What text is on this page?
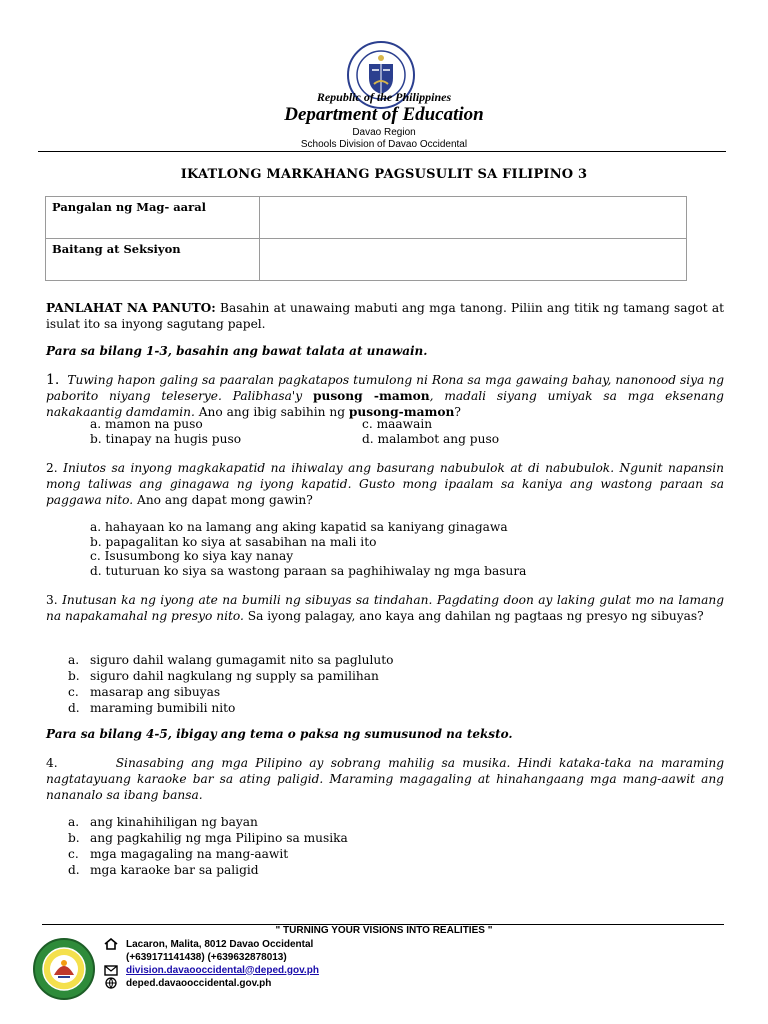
Republic of the Philippines
Department of Education
Davao Region
Schools Division of Davao Occidental
IKATLONG MARKAHANG PAGSUSULIT SA FILIPINO 3
Pangalan ng Mag- aaral	
Baitang at Seksiyon	
PANLAHAT NA PANUTO: Basahin at unawaing mabuti ang mga tanong. Piliin ang titik ng tamang sagot at isulat ito sa inyong sagutang papel.
Para sa bilang 1-3, basahin ang bawat talata at unawain.
1. Tuwing hapon galing sa paaralan pagkatapos tumulong ni Rona sa mga gawaing bahay, nanonood siya ng paborito niyang teleserye. Palibhasa'y pusong -mamon, madali siyang umiyak sa mga eksenang nakakaantig damdamin. Ano ang ibig sabihin ng pusong-mamon?
a. mamon na puso	c. maawain
b. tinapay na hugis puso	d. malambot ang puso
2. Iniutos sa inyong magkakapatid na ihiwalay ang basurang nabubulok at di nabubulok. Ngunit napansin mong taliwas ang ginagawa ng iyong kapatid. Gusto mong ipaalam sa kaniya ang wastong paraan sa paggawa nito. Ano ang dapat mong gawin?
a. hahayaan ko na lamang ang aking kapatid sa kaniyang ginagawa
b. papagalitan ko siya at sasabihan na mali ito
c. Isusumbong ko siya kay nanay
d. tuturuan ko siya sa wastong paraan sa paghihiwalay ng mga basura
3. Inutusan ka ng iyong ate na bumili ng sibuyas sa tindahan. Pagdating doon ay laking gulat mo na lamang na napakamahal ng presyo nito. Sa iyong palagay, ano kaya ang dahilan ng pagtaas ng presyo ng sibuyas?
a. siguro dahil walang gumagamit nito sa pagluluto
b. siguro dahil nagkulang ng supply sa pamilihan
c. masarap ang sibuyas
d. maraming bumibili nito
Para sa bilang 4-5, ibigay ang tema o paksa ng sumusunod na teksto.
4.	Sinasabing ang mga Pilipino ay sobrang mahilig sa musika. Hindi kataka-taka na maraming nagtatayuang karaoke bar sa ating paligid. Maraming magagaling at hinahangaang mga mang-aawit ang nananalo sa ibang bansa.
a. ang kinahihiligan ng bayan
b. ang pagkahilig ng mga Pilipino sa musika
c. mga magagaling na mang-aawit
d. mga karaoke bar sa paligid
" TURNING YOUR VISIONS INTO REALITIES "
Lacaron, Malita, 8012 Davao Occidental
(+639171141438) (+639632878013)
division.davaooccidental@deped.gov.ph
deped.davaooccidental.gov.ph
